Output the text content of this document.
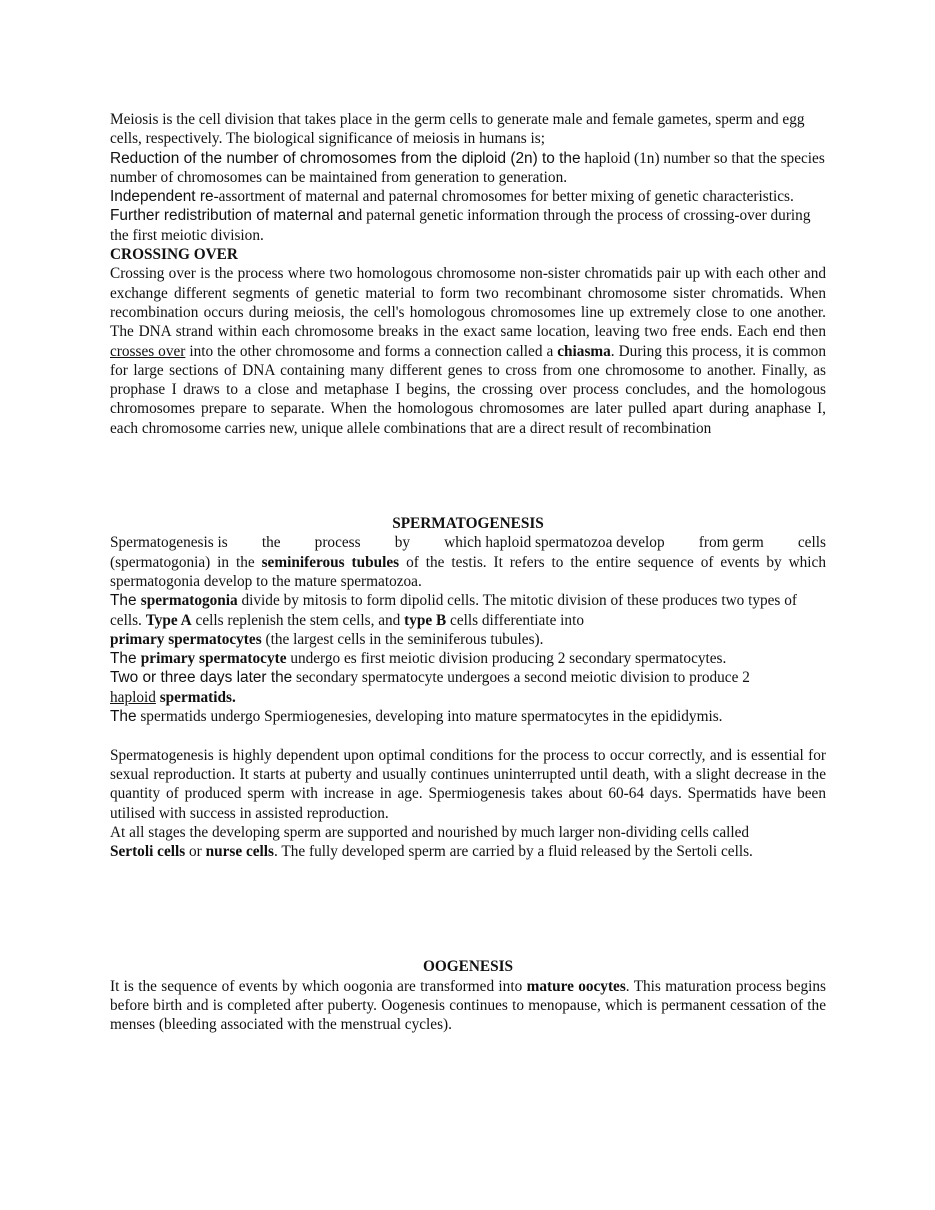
Meiosis is the cell division that takes place in the germ cells to generate male and female gametes, sperm and egg cells, respectively. The biological significance of meiosis in humans is;

Reduction of the number of chromosomes from the diploid (2n) to the haploid (1n) number so that the species number of chromosomes can be maintained from generation to generation.

Independent re-assortment of maternal and paternal chromosomes for better mixing of genetic characteristics.

Further redistribution of maternal and paternal genetic information through the process of crossing-over during the first meiotic division.

CROSSING OVER

Crossing over is the process where two homologous chromosome non-sister chromatids pair up with each other and exchange different segments of genetic material to form two recombinant chromosome sister chromatids. When recombination occurs during meiosis, the cell's homologous chromosomes line up extremely close to one another. The DNA strand within each chromosome breaks in the exact same location, leaving two free ends. Each end then crosses over into the other chromosome and forms a connection called a chiasma. During this process, it is common for large sections of DNA containing many different genes to cross from one chromosome to another. Finally, as prophase I draws to a close and metaphase I begins, the crossing over process concludes, and the homologous chromosomes prepare to separate. When the homologous chromosomes are later pulled apart during anaphase I, each chromosome carries new, unique allele combinations that are a direct result of recombination

SPERMATOGENESIS

Spermatogenesis is the process by which haploid spermatozoa develop from germ cells

(spermatogonia) in the seminiferous tubules of the testis. It refers to the entire sequence of events by which spermatogonia develop to the mature spermatozoa.

The spermatogonia divide by mitosis to form dipolid cells. The mitotic division of these produces two types of cells. Type A cells replenish the stem cells, and type B cells differentiate into
primary spermatocytes (the largest cells in the seminiferous tubules).

The primary spermatocyte undergo es first meiotic division producing 2 secondary spermatocytes.

Two or three days later the secondary spermatocyte undergoes a second meiotic division to produce 2
haploid spermatids.

The spermatids undergo Spermiogenesies, developing into mature spermatocytes in the epididymis.

Spermatogenesis is highly dependent upon optimal conditions for the process to occur correctly, and is essential for sexual reproduction. It starts at puberty and usually continues uninterrupted until death, with a slight decrease in the quantity of produced sperm with increase in age. Spermiogenesis takes about 60-64 days. Spermatids have been utilised with success in assisted reproduction.

At all stages the developing sperm are supported and nourished by much larger non-dividing cells called
Sertoli cells or nurse cells. The fully developed sperm are carried by a fluid released by the Sertoli cells.

OOGENESIS

It is the sequence of events by which oogonia are transformed into mature oocytes. This maturation process begins before birth and is completed after puberty. Oogenesis continues to menopause, which is permanent cessation of the menses (bleeding associated with the menstrual cycles).
